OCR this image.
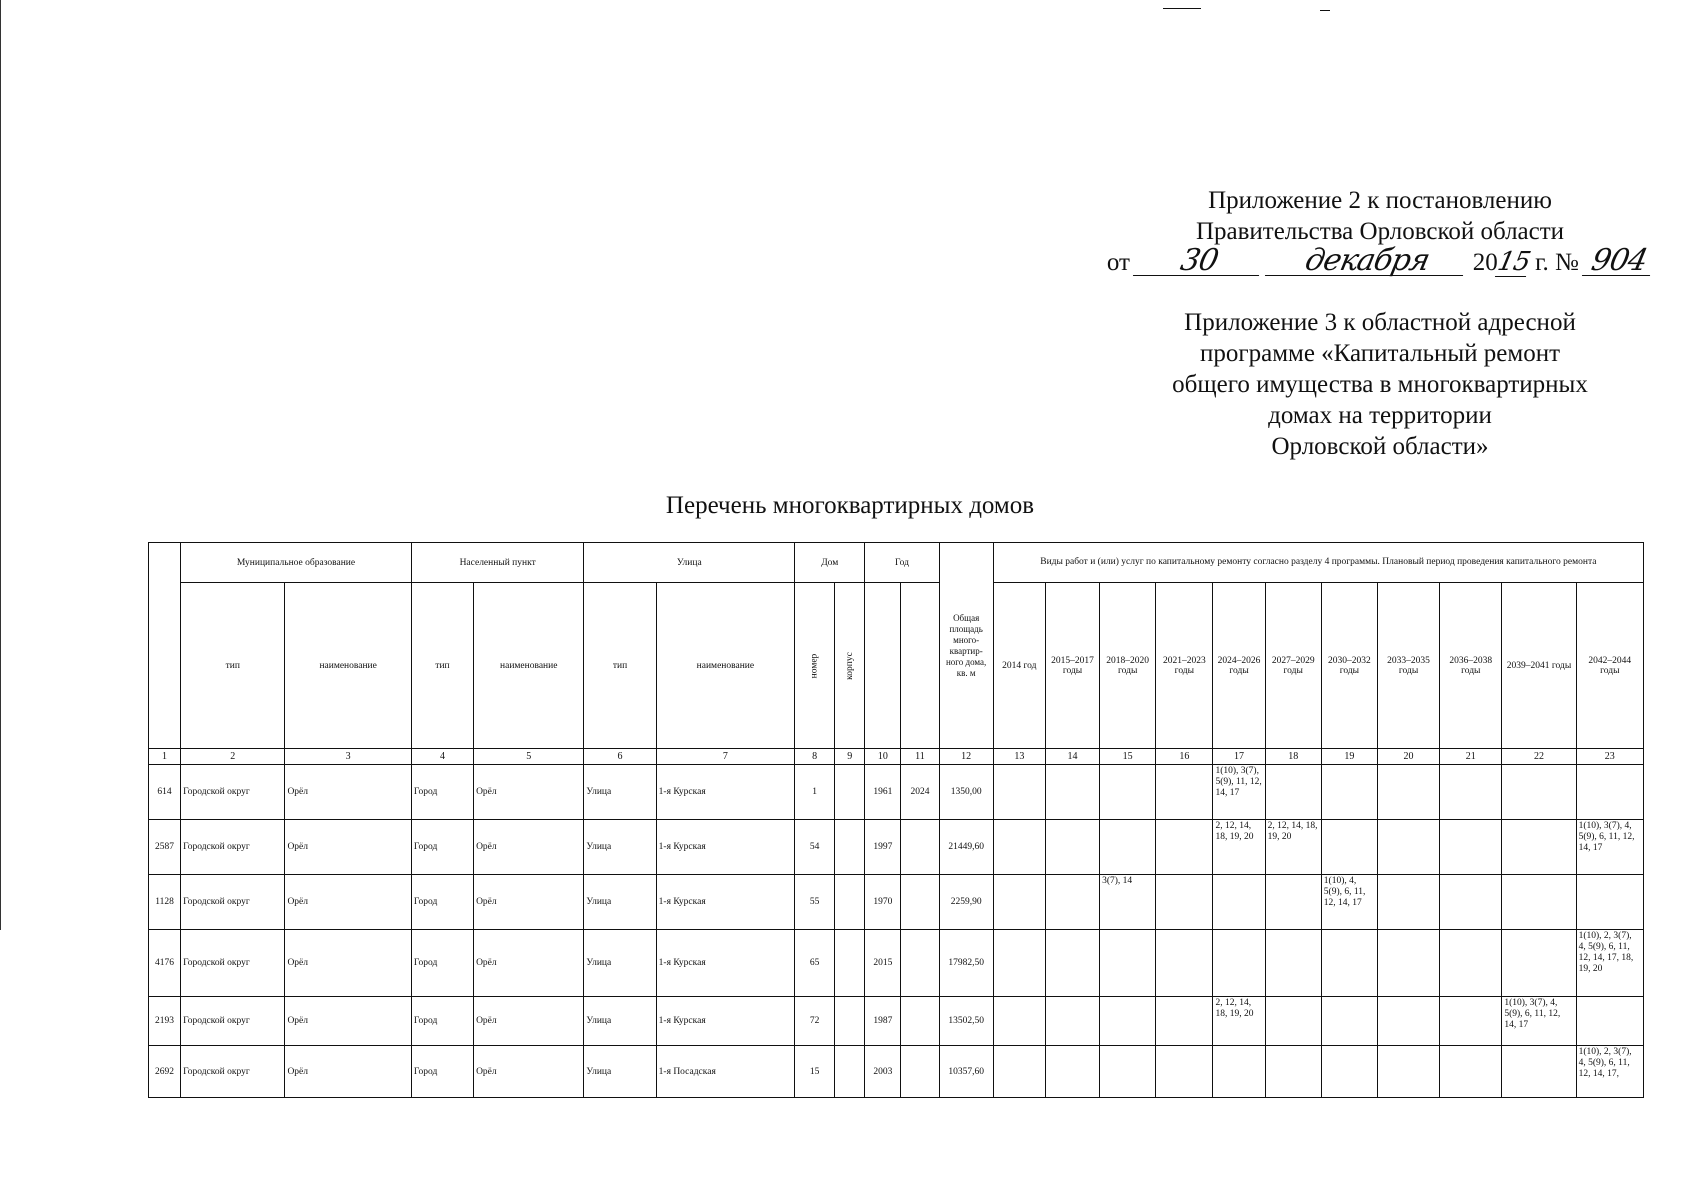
Приложение 2 к постановлению
Правительства Орловской области
от 30	декабря 2015 г. № 904
Приложение 3 к областной адресной
программе «Капитальный ремонт
общего имущества в многоквартирных
домах на территории
Орловской области»
Перечень многоквартирных домов
	Муниципальное образование		Населенный пункт		Улица		Дом		Год		Общая площадь много-квартир-ного дома, кв. м	Виды работ и (или) услуг по капитальному ремонту согласно разделу 4 программы. Плановый период проведения капитального ремонта										
	тип	наименование	тип	наименование	тип	наименование	номер	корпус				2014 год	2015–2017 годы	2018–2020 годы	2021–2023 годы	2024–2026 годы	2027–2029 годы	2030–2032 годы	2033–2035 годы	2036–2038 годы	2039–2041 годы	2042–2044 годы
1	2	3	4	5	6	7	8	9	10	11	12	13	14	15	16	17	18	19	20	21	22	23
614	Городской округ	Орёл	Город	Орёл	Улица	1-я Курская	1		1961	2024	1350,00					1(10), 3(7), 5(9), 11, 12, 14, 17						
2587	Городской округ	Орёл	Город	Орёл	Улица	1-я Курская	54		1997		21449,60					2, 12, 14, 18, 19, 20	2, 12, 14, 18, 19, 20					1(10), 3(7), 4, 5(9), 6, 11, 12, 14, 17
1128	Городской округ	Орёл	Город	Орёл	Улица	1-я Курская	55		1970		2259,90			3(7), 14				1(10), 4, 5(9), 6, 11, 12, 14, 17				
4176	Городской округ	Орёл	Город	Орёл	Улица	1-я Курская	65		2015		17982,50											1(10), 2, 3(7), 4, 5(9), 6, 11, 12, 14, 17, 18, 19, 20
2193	Городской округ	Орёл	Город	Орёл	Улица	1-я Курская	72		1987		13502,50					2, 12, 14, 18, 19, 20					1(10), 3(7), 4, 5(9), 6, 11, 12, 14, 17	
2692	Городской округ	Орёл	Город	Орёл	Улица	1-я Посадская	15		2003		10357,60											1(10), 2, 3(7), 4, 5(9), 6, 11, 12, 14, 17,
